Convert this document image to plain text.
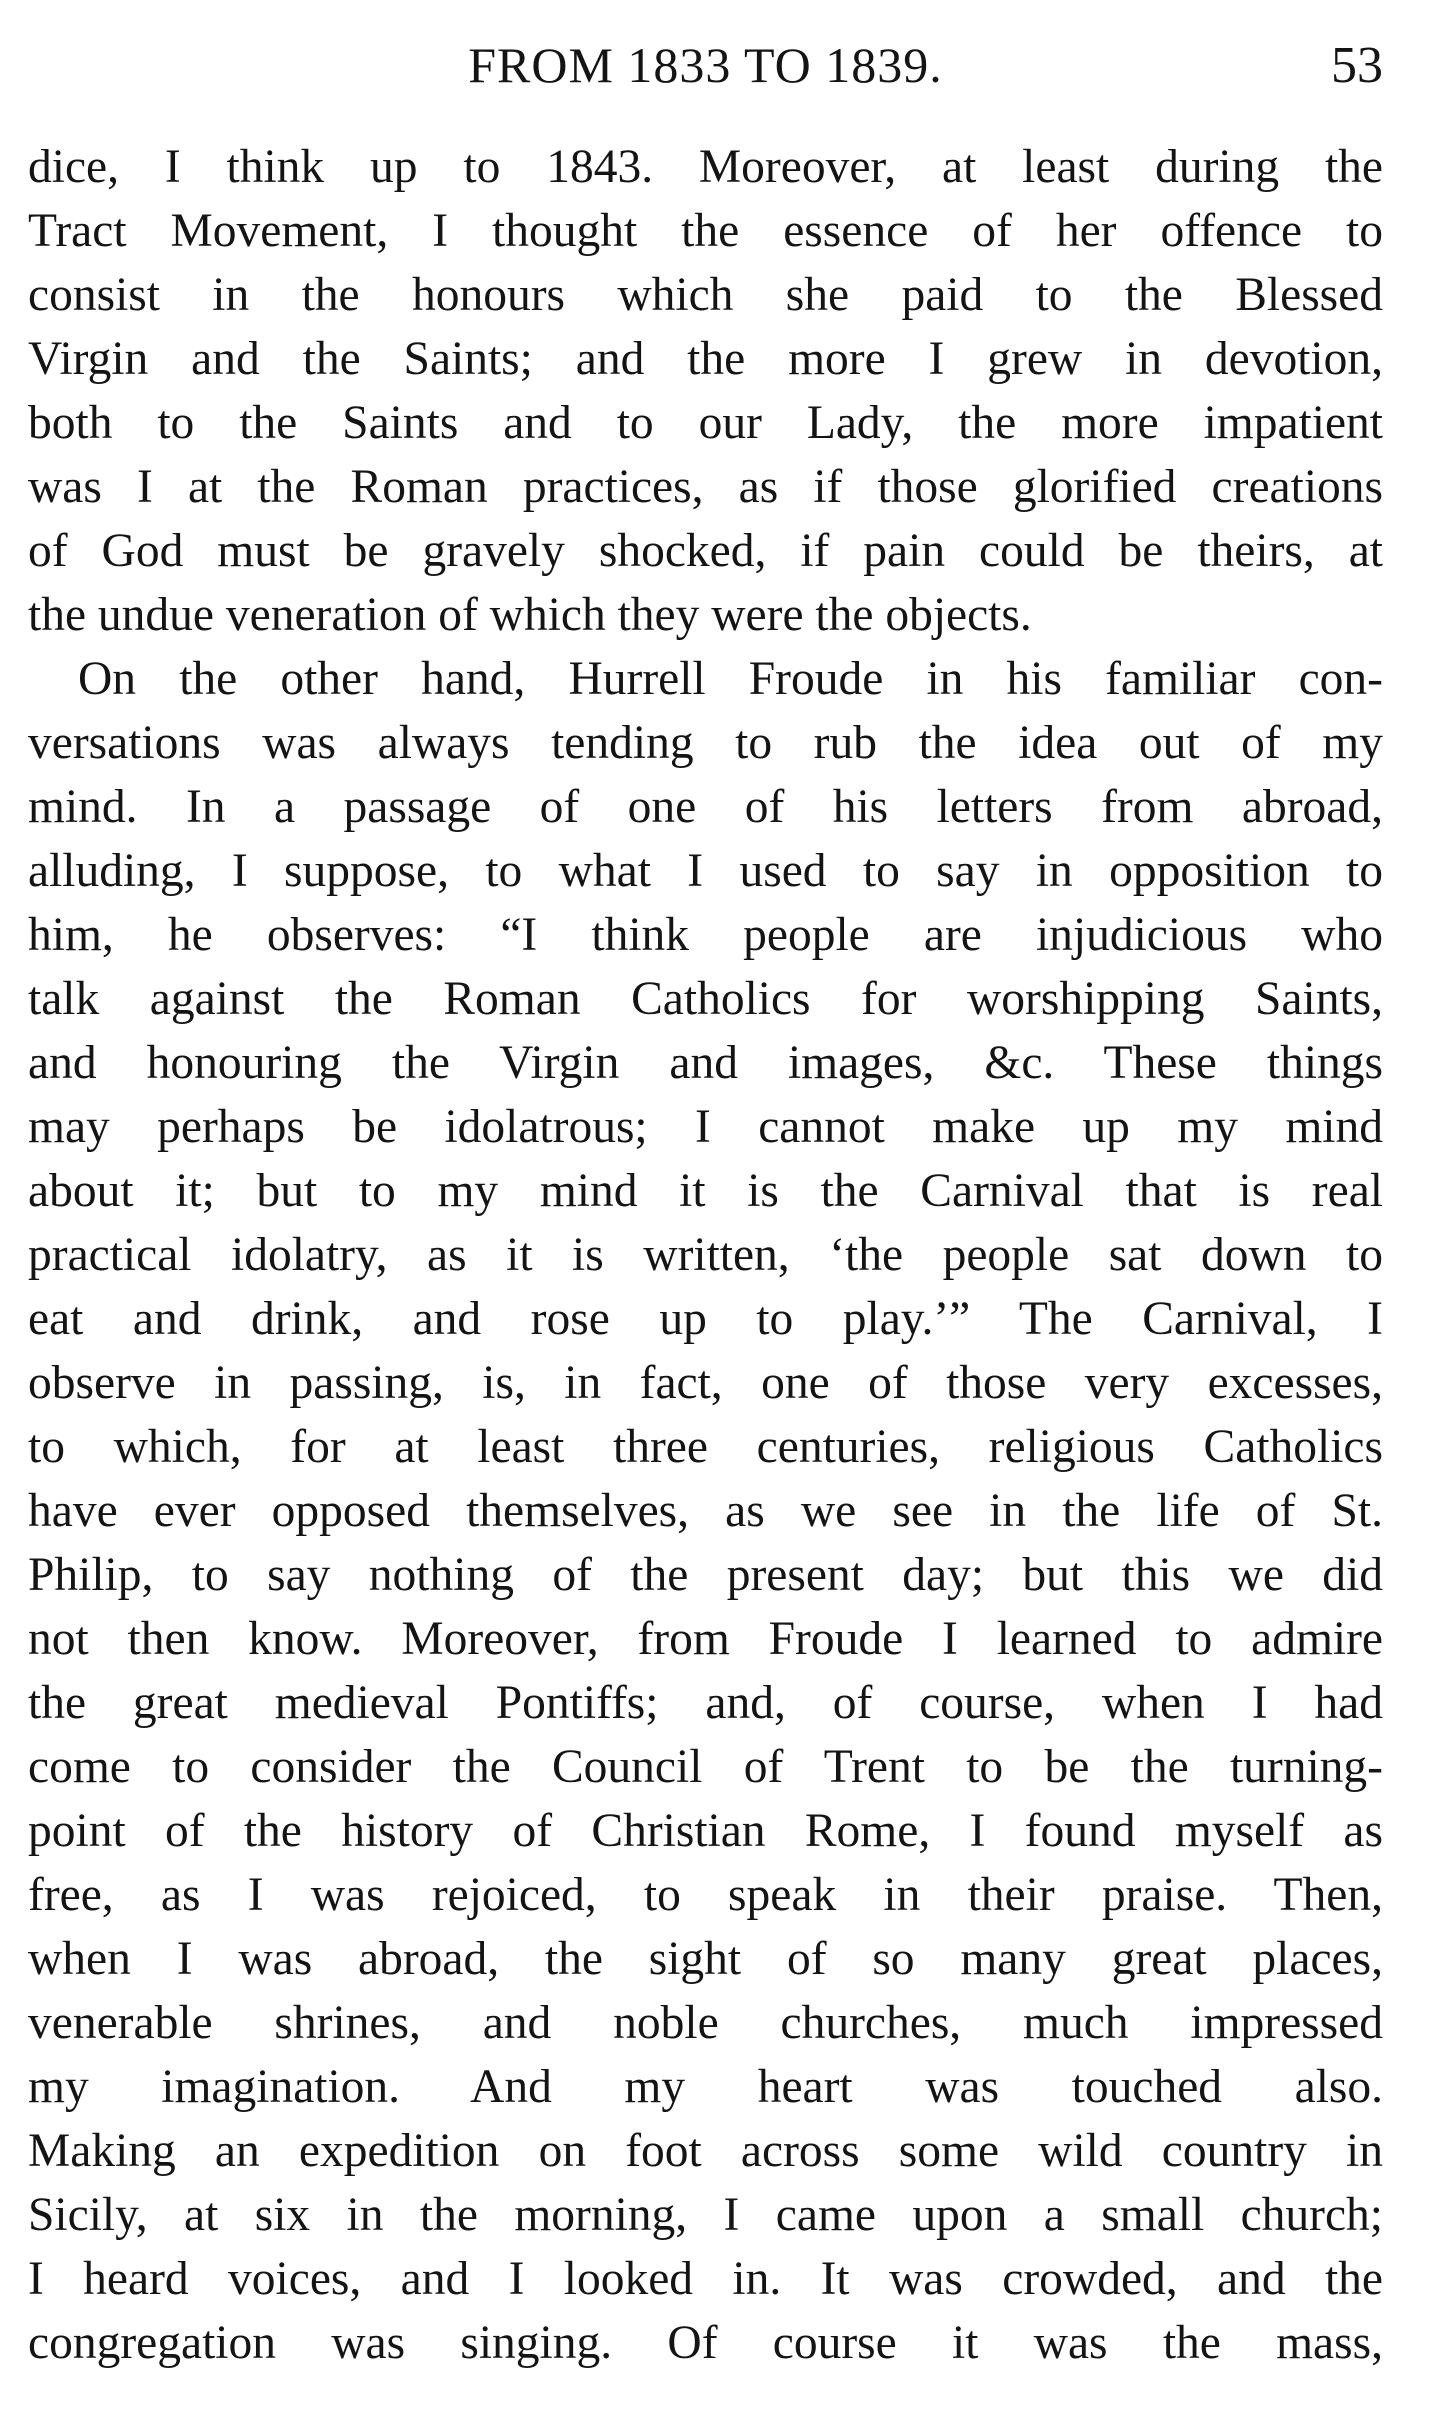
FROM 1833 TO 1839.	53
dice, I think up to 1843. Moreover, at least during the
Tract Movement, I thought the essence of her offence to
consist in the honours which she paid to the Blessed
Virgin and the Saints; and the more I grew in devotion,
both to the Saints and to our Lady, the more impatient
was I at the Roman practices, as if those glorified creations
of God must be gravely shocked, if pain could be theirs, at
the undue veneration of which they were the objects.
On the other hand, Hurrell Froude in his familiar con-
versations was always tending to rub the idea out of my
mind. In a passage of one of his letters from abroad,
alluding, I suppose, to what I used to say in opposition to
him, he observes: “I think people are injudicious who
talk against the Roman Catholics for worshipping Saints,
and honouring the Virgin and images, &c. These things
may perhaps be idolatrous; I cannot make up my mind
about it; but to my mind it is the Carnival that is real
practical idolatry, as it is written, ‘the people sat down to
eat and drink, and rose up to play.’” The Carnival, I
observe in passing, is, in fact, one of those very excesses,
to which, for at least three centuries, religious Catholics
have ever opposed themselves, as we see in the life of St.
Philip, to say nothing of the present day; but this we did
not then know. Moreover, from Froude I learned to admire
the great medieval Pontiffs; and, of course, when I had
come to consider the Council of Trent to be the turning-
point of the history of Christian Rome, I found myself as
free, as I was rejoiced, to speak in their praise. Then,
when I was abroad, the sight of so many great places,
venerable shrines, and noble churches, much impressed
my imagination. And my heart was touched also.
Making an expedition on foot across some wild country in
Sicily, at six in the morning, I came upon a small church;
I heard voices, and I looked in. It was crowded, and the
congregation was singing. Of course it was the mass,
